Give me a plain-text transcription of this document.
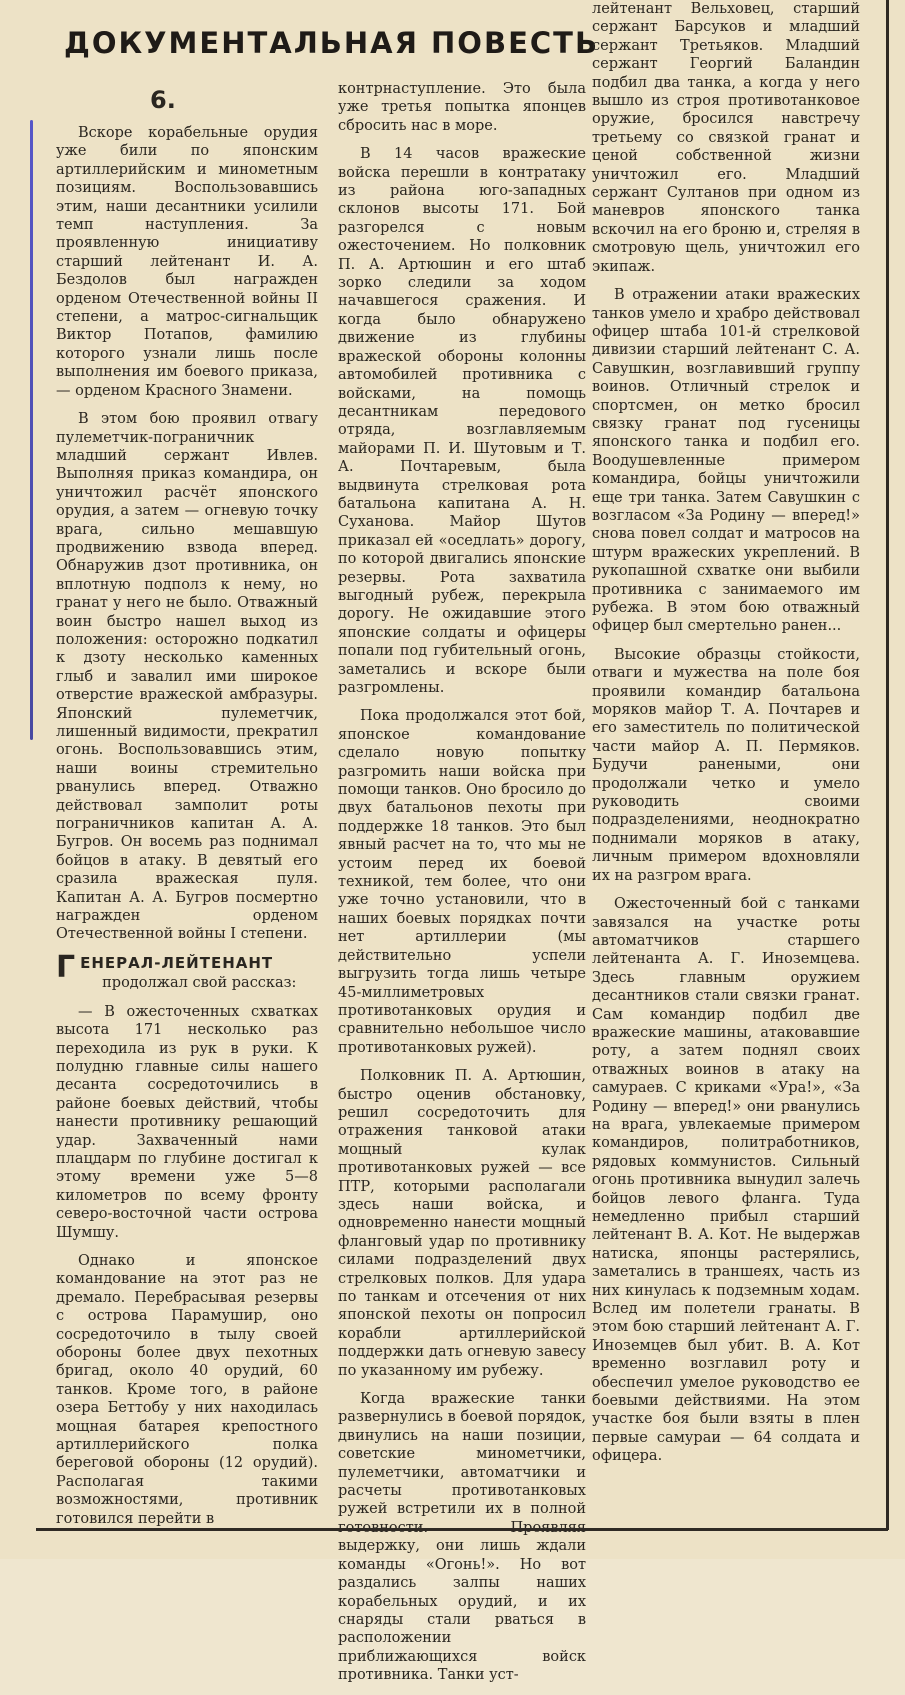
ДОКУМЕНТАЛЬНАЯ ПОВЕСТЬ
6.

Вскоре корабельные орудия уже били по японским артиллерийским и минометным позициям. Воспользовавшись этим, наши десантники усилили темп наступления. За проявленную инициативу старший лейтенант И. А. Бездолов был награжден орденом Отечественной войны II степени, а матрос-сигнальщик Виктор Потапов, фамилию которого узнали лишь после выполнения им боевого приказа, — орденом Красного Знамени.

В этом бою проявил отвагу пулеметчик-пограничник младший сержант Ивлев. Выполняя приказ командира, он уничтожил расчёт японского орудия, а затем — огневую точку врага, сильно мешавшую продвижению взвода вперед. Обнаружив дзот противника, он вплотную подполз к нему, но гранат у него не было. Отважный воин быстро нашел выход из положения: осторожно подкатил к дзоту несколько каменных глыб и завалил ими широкое отверстие вражеской амбразуры. Японский пулеметчик, лишенный видимости, прекратил огонь. Воспользовавшись этим, наши воины стремительно рванулись вперед. Отважно действовал замполит роты пограничников капитан А. А. Бугров. Он восемь раз поднимал бойцов в атаку. В девятый его сразила вражеская пуля. Капитан А. А. Бугров посмертно награжден орденом Отечественной войны I степени.

ГЕНЕРАЛ-ЛЕЙТЕНАНТ

продолжал свой рассказ:

— В ожесточенных схватках высота 171 несколько раз переходила из рук в руки. К полудню главные силы нашего десанта сосредоточились в районе боевых действий, чтобы нанести противнику решающий удар. Захваченный нами плацдарм по глубине достигал к этому времени уже 5—8 километров по всему фронту северо-восточной части острова Шумшу.

Однако и японское командование на этот раз не дремало. Перебрасывая резервы с острова Парамушир, оно сосредоточило в тылу своей обороны более двух пехотных бригад, около 40 орудий, 60 танков. Кроме того, в районе озера Беттобу у них находилась мощная батарея крепостного артиллерийского полка береговой обороны (12 орудий). Располагая такими возможностями, противник готовился перейти в

контрнаступление. Это была уже третья попытка японцев сбросить нас в море.

В 14 часов вражеские войска перешли в контратаку из района юго-западных склонов высоты 171. Бой разгорелся с новым ожесточением. Но полковник П. А. Артюшин и его штаб зорко следили за ходом начавшегося сражения. И когда было обнаружено движение из глубины вражеской обороны колонны автомобилей противника с войсками, на помощь десантникам передового отряда, возглавляемым майорами П. И. Шутовым и Т. А. Почтаревым, была выдвинута стрелковая рота батальона капитана А. Н. Суханова. Майор Шутов приказал ей «оседлать» дорогу, по которой двигались японские резервы. Рота захватила выгодный рубеж, перекрыла дорогу. Не ожидавшие этого японские солдаты и офицеры попали под губительный огонь, заметались и вскоре были разгромлены.

Пока продолжался этот бой, японское командование сделало новую попытку разгромить наши войска при помощи танков. Оно бросило до двух батальонов пехоты при поддержке 18 танков. Это был явный расчет на то, что мы не устоим перед их боевой техникой, тем более, что они уже точно установили, что в наших боевых порядках почти нет артиллерии (мы действительно успели выгрузить тогда лишь четыре 45-миллиметровых противотанковых орудия и сравнительно небольшое число противотанковых ружей).

Полковник П. А. Артюшин, быстро оценив обстановку, решил сосредоточить для отражения танковой атаки мощный кулак противотанковых ружей — все ПТР, которыми располагали здесь наши войска, и одновременно нанести мощный фланговый удар по противнику силами подразделений двух стрелковых полков. Для удара по танкам и отсечения от них японской пехоты он попросил корабли артиллерийской поддержки дать огневую завесу по указанному им рубежу.

Когда вражеские танки развернулись в боевой порядок, двинулись на наши позиции, советские минометчики, пулеметчики, автоматчики и расчеты противотанковых ружей встретили их в полной выдержку, они лишь ждали команды «Огонь!». Но вот раздались залпы наших корабельных орудий, и их снаряды стали рваться в расположении приближающихся войск противника. Танки уст-

лейтенант Вельховец, старший сержант Барсуков и младший сержант Третьяков. Младший сержант Георгий Баландин подбил два танка, а когда у него вышло из строя противотанковое оружие, бросился навстречу третьему со связкой гранат и ценой собственной жизни уничтожил его. Младший сержант Султанов при одном из маневров японского танка вскочил на его броню и, стреляя в смотровую щель, уничтожил его экипаж.

В отражении атаки вражеских танков умело и храбро действовал офицер штаба 101-й стрелковой дивизии старший лейтенант С. А. Савушкин, возглавивший группу воинов. Отличный стрелок и спортсмен, он метко бросил связку гранат под гусеницы японского танка и подбил его. Воодушевленные примером командира, бойцы уничтожили еще три танка. Затем Савушкин с возгласом «За Родину — вперед!» снова повел солдат и матросов на штурм вражеских укреплений. В рукопашной схватке они выбили противника с занимаемого им рубежа. В этом бою отважный офицер был смертельно ранен...

Высокие образцы стойкости, отваги и мужества на поле боя проявили командир батальона моряков майор Т. А. Почтарев и его заместитель по политической части майор А. П. Пермяков. Будучи ранеными, они продолжали четко и умело руководить своими подразделениями, неоднократно поднимали моряков в атаку, личным примером вдохновляли их на разгром врага.

Ожесточенный бой с танками завязался на участке роты автоматчиков старшего лейтенанта А. Г. Иноземцева. Здесь главным оружием десантников стали связки гранат. Сам командир подбил две вражеские машины, атаковавшие роту, а затем поднял своих отважных воинов в атаку на самураев. С криками «Ура!», «За Родину — вперед!» они рванулись на врага, увлекаемые примером командиров, политработников, рядовых коммунистов. Сильный огонь противника вынудил залечь бойцов левого фланга. Туда немедленно прибыл старший лейтенант В. А. Кот. Не выдержав натиска, японцы растерялись, заметались в траншеях, часть из них кинулась к подземным ходам. Вслед им полетели гранаты. В этом бою старший лейтенант А. Г. Иноземцев был убит. В. А. Кот временно возглавил роту и обеспечил умелое руководство ее боевыми действиями. На этом участке боя были взяты в плен первые самураи — 64 солдата и офицера.
